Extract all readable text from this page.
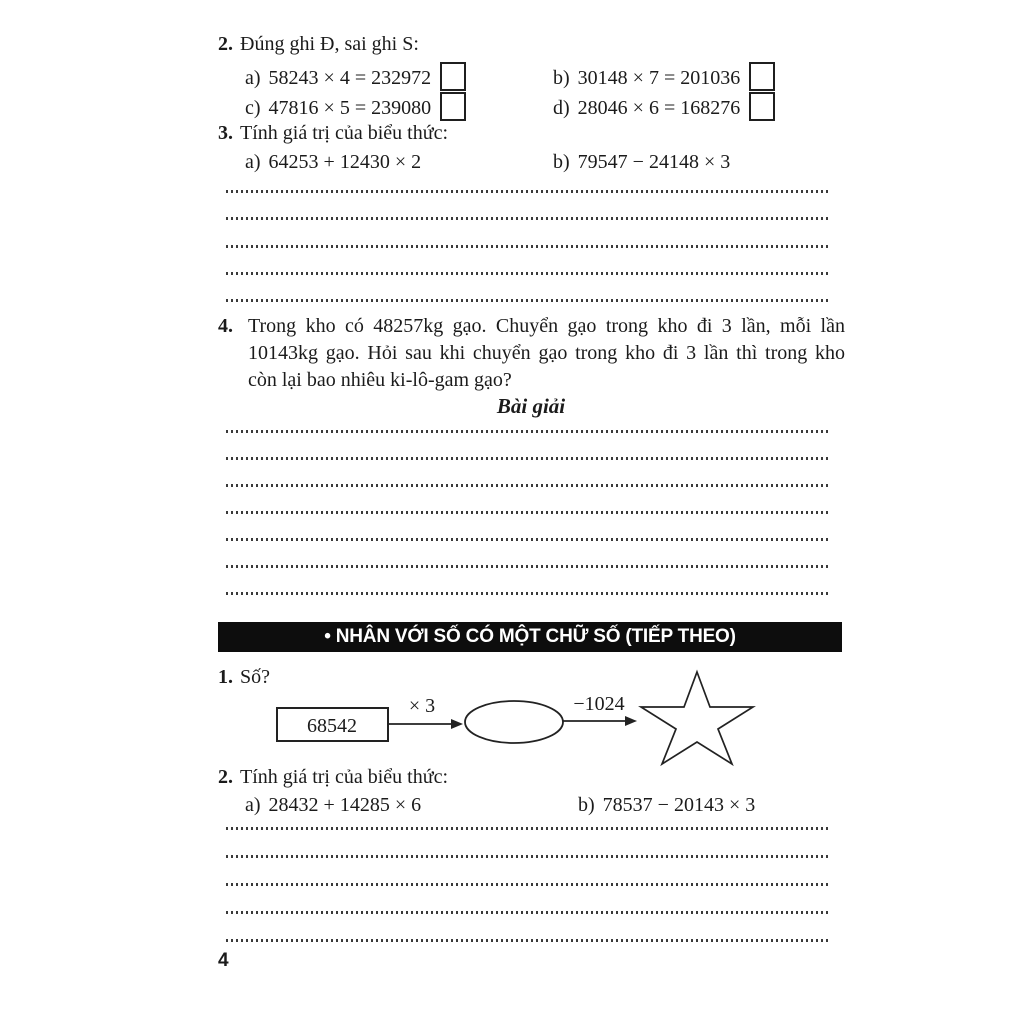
2. Đúng ghi Đ, sai ghi S:
a) 58243 × 4 = 232972	b) 30148 × 7 = 201036
c) 47816 × 5 = 239080	d) 28046 × 6 = 168276
3. Tính giá trị của biểu thức:
a) 64253 + 12430 × 2	b) 79547 − 24148 × 3
4. Trong kho có 48257kg gạo. Chuyển gạo trong kho đi 3 lần, mỗi lần
10143kg gạo. Hỏi sau khi chuyển gạo trong kho đi 3 lần thì trong kho
còn lại bao nhiêu ki-lô-gam gạo?
Bài giải
• NHÂN VỚI SỐ CÓ MỘT CHỮ SỐ (TIẾP THEO)
1. Số?
68542
× 3	−1024
2. Tính giá trị của biểu thức:
a) 28432 + 14285 × 6	b) 78537 − 20143 × 3
4
